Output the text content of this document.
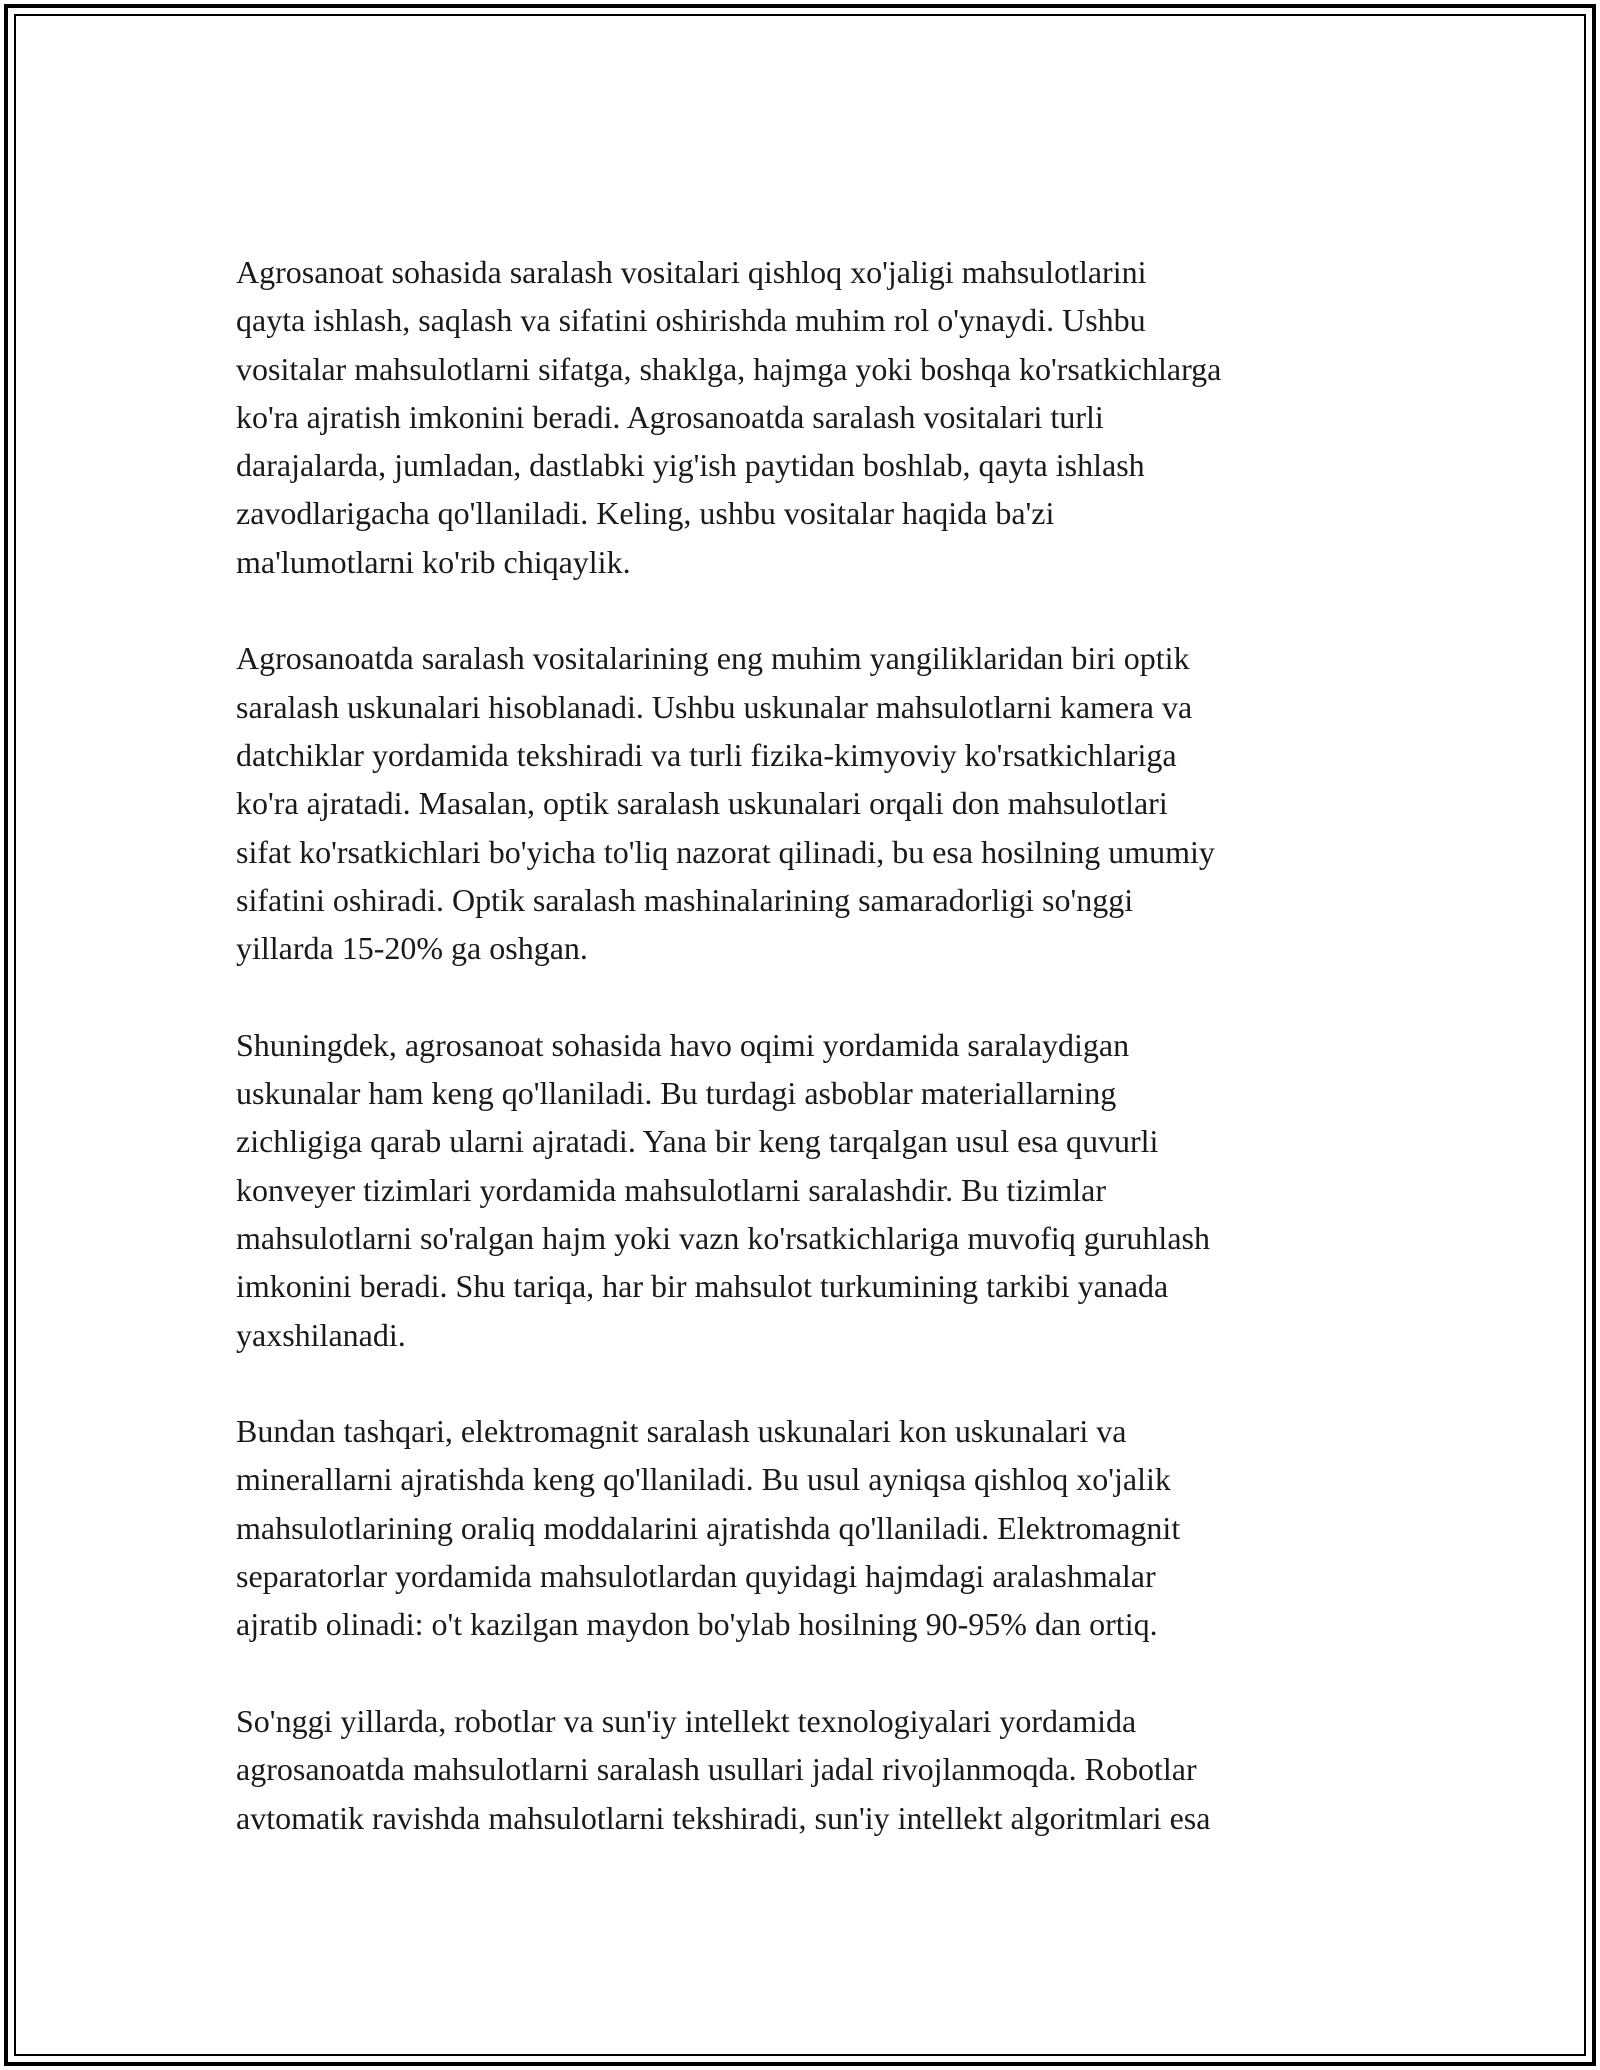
Agrosanoat sohasida saralash vositalari qishloq xo'jaligi mahsulotlarini
qayta ishlash, saqlash va sifatini oshirishda muhim rol o'ynaydi. Ushbu
vositalar mahsulotlarni sifatga, shaklga, hajmga yoki boshqa ko'rsatkichlarga
ko'ra ajratish imkonini beradi. Agrosanoatda saralash vositalari turli
darajalarda, jumladan, dastlabki yig'ish paytidan boshlab, qayta ishlash
zavodlarigacha qo'llaniladi. Keling, ushbu vositalar haqida ba'zi
ma'lumotlarni ko'rib chiqaylik.

Agrosanoatda saralash vositalarining eng muhim yangiliklaridan biri optik
saralash uskunalari hisoblanadi. Ushbu uskunalar mahsulotlarni kamera va
datchiklar yordamida tekshiradi va turli fizika-kimyoviy ko'rsatkichlariga
ko'ra ajratadi. Masalan, optik saralash uskunalari orqali don mahsulotlari
sifat ko'rsatkichlari bo'yicha to'liq nazorat qilinadi, bu esa hosilning umumiy
sifatini oshiradi. Optik saralash mashinalarining samaradorligi so'nggi
yillarda 15-20% ga oshgan.

Shuningdek, agrosanoat sohasida havo oqimi yordamida saralaydigan
uskunalar ham keng qo'llaniladi. Bu turdagi asboblar materiallarning
zichligiga qarab ularni ajratadi. Yana bir keng tarqalgan usul esa quvurli
konveyer tizimlari yordamida mahsulotlarni saralashdir. Bu tizimlar
mahsulotlarni so'ralgan hajm yoki vazn ko'rsatkichlariga muvofiq guruhlash
imkonini beradi. Shu tariqa, har bir mahsulot turkumining tarkibi yanada
yaxshilanadi.

Bundan tashqari, elektromagnit saralash uskunalari kon uskunalari va
minerallarni ajratishda keng qo'llaniladi. Bu usul ayniqsa qishloq xo'jalik
mahsulotlarining oraliq moddalarini ajratishda qo'llaniladi. Elektromagnit
separatorlar yordamida mahsulotlardan quyidagi hajmdagi aralashmalar
ajratib olinadi: o't kazilgan maydon bo'ylab hosilning 90-95% dan ortiq.

So'nggi yillarda, robotlar va sun'iy intellekt texnologiyalari yordamida
agrosanoatda mahsulotlarni saralash usullari jadal rivojlanmoqda. Robotlar
avtomatik ravishda mahsulotlarni tekshiradi, sun'iy intellekt algoritmlari esa
